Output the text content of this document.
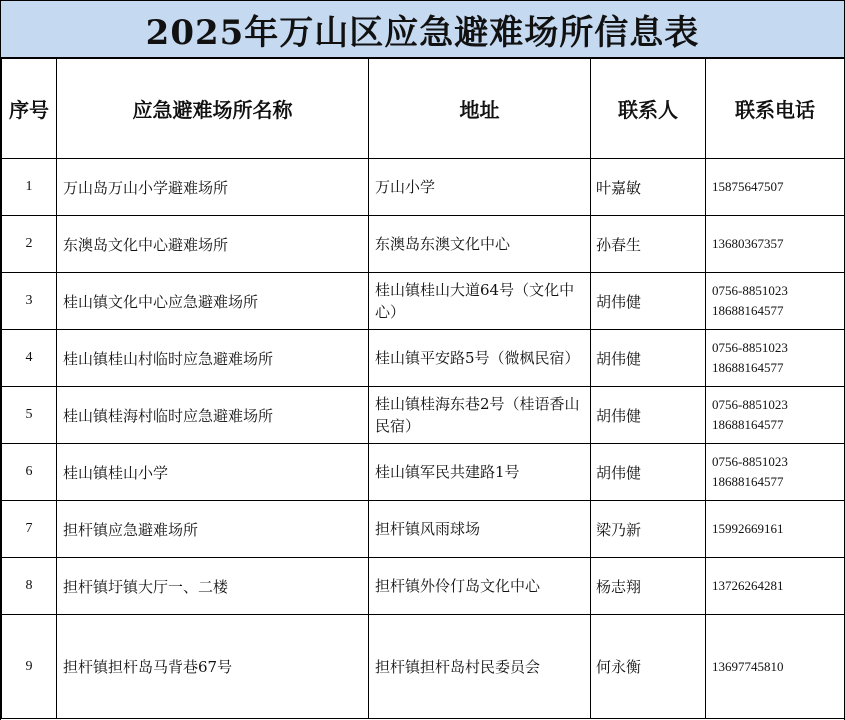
2025年万山区应急避难场所信息表
序号	应急避难场所名称	地址	联系人	联系电话
1	万山岛万山小学避难场所	万山小学	叶嘉敏	15875647507

2	东澳岛文化中心避难场所	东澳岛东澳文化中心	孙春生	13680367357

3	桂山镇文化中心应急避难场所	桂山镇桂山大道64号（文化中心）	胡伟健	0756-8851023
18688164577

4	桂山镇桂山村临时应急避难场所	桂山镇平安路5号（微枫民宿）	胡伟健	0756-8851023
18688164577

5	桂山镇桂海村临时应急避难场所	桂山镇桂海东巷2号（桂语香山民宿）	胡伟健	0756-8851023
18688164577

6	桂山镇桂山小学	桂山镇军民共建路1号	胡伟健	0756-8851023
18688164577

7	担杆镇应急避难场所	担杆镇风雨球场	梁乃新	15992669161

8	担杆镇圩镇大厅一、二楼	担杆镇外伶仃岛文化中心	杨志翔	13726264281

9	担杆镇担杆岛马背巷67号	担杆镇担杆岛村民委员会	何永衡	13697745810
